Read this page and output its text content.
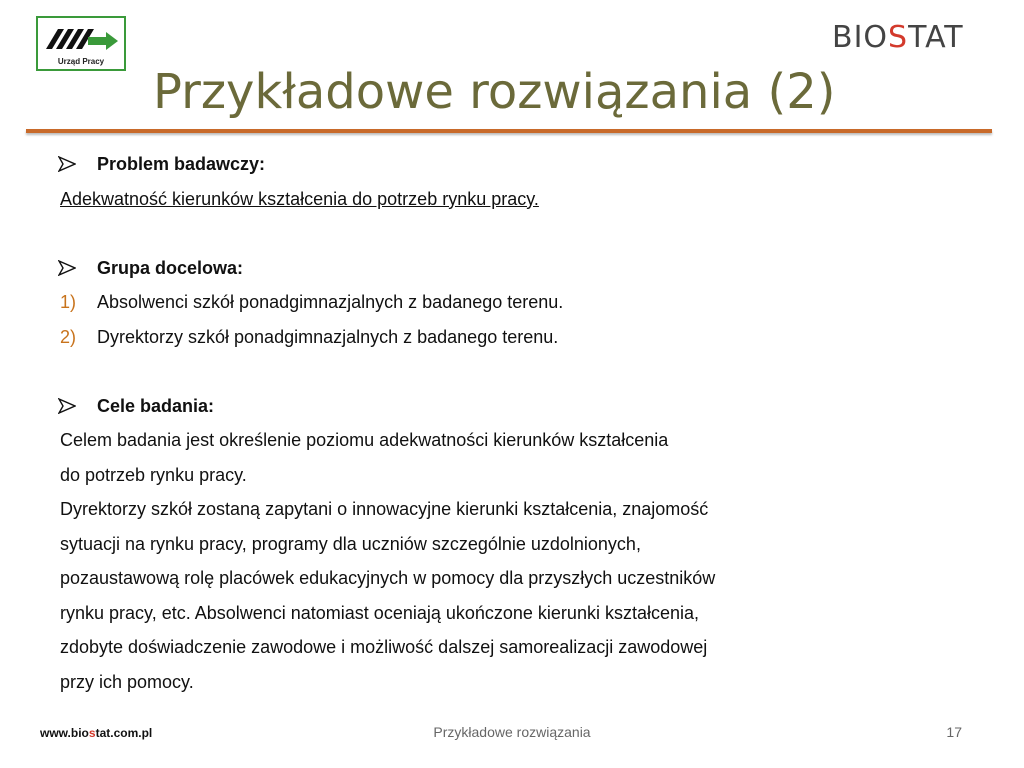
Urząd Pracy
BIOSTAT
Przykładowe rozwiązania (2)
Problem badawczy:
Adekwatność kierunków kształcenia do potrzeb rynku pracy.
Grupa docelowa:
1) Absolwenci szkół ponadgimnazjalnych z badanego terenu.
2) Dyrektorzy szkół ponadgimnazjalnych z badanego terenu.
Cele badania:
Celem badania jest określenie poziomu adekwatności kierunków kształcenia
do potrzeb rynku pracy.
Dyrektorzy szkół zostaną zapytani o innowacyjne kierunki kształcenia, znajomość
sytuacji na rynku pracy, programy dla uczniów szczególnie uzdolnionych,
pozaustawową rolę placówek edukacyjnych w pomocy dla przyszłych uczestników
rynku pracy, etc. Absolwenci natomiast oceniają ukończone kierunki kształcenia,
zdobyte doświadczenie zawodowe i możliwość dalszej samorealizacji zawodowej
przy ich pomocy.
www.biostat.com.pl	Przykładowe rozwiązania	17
